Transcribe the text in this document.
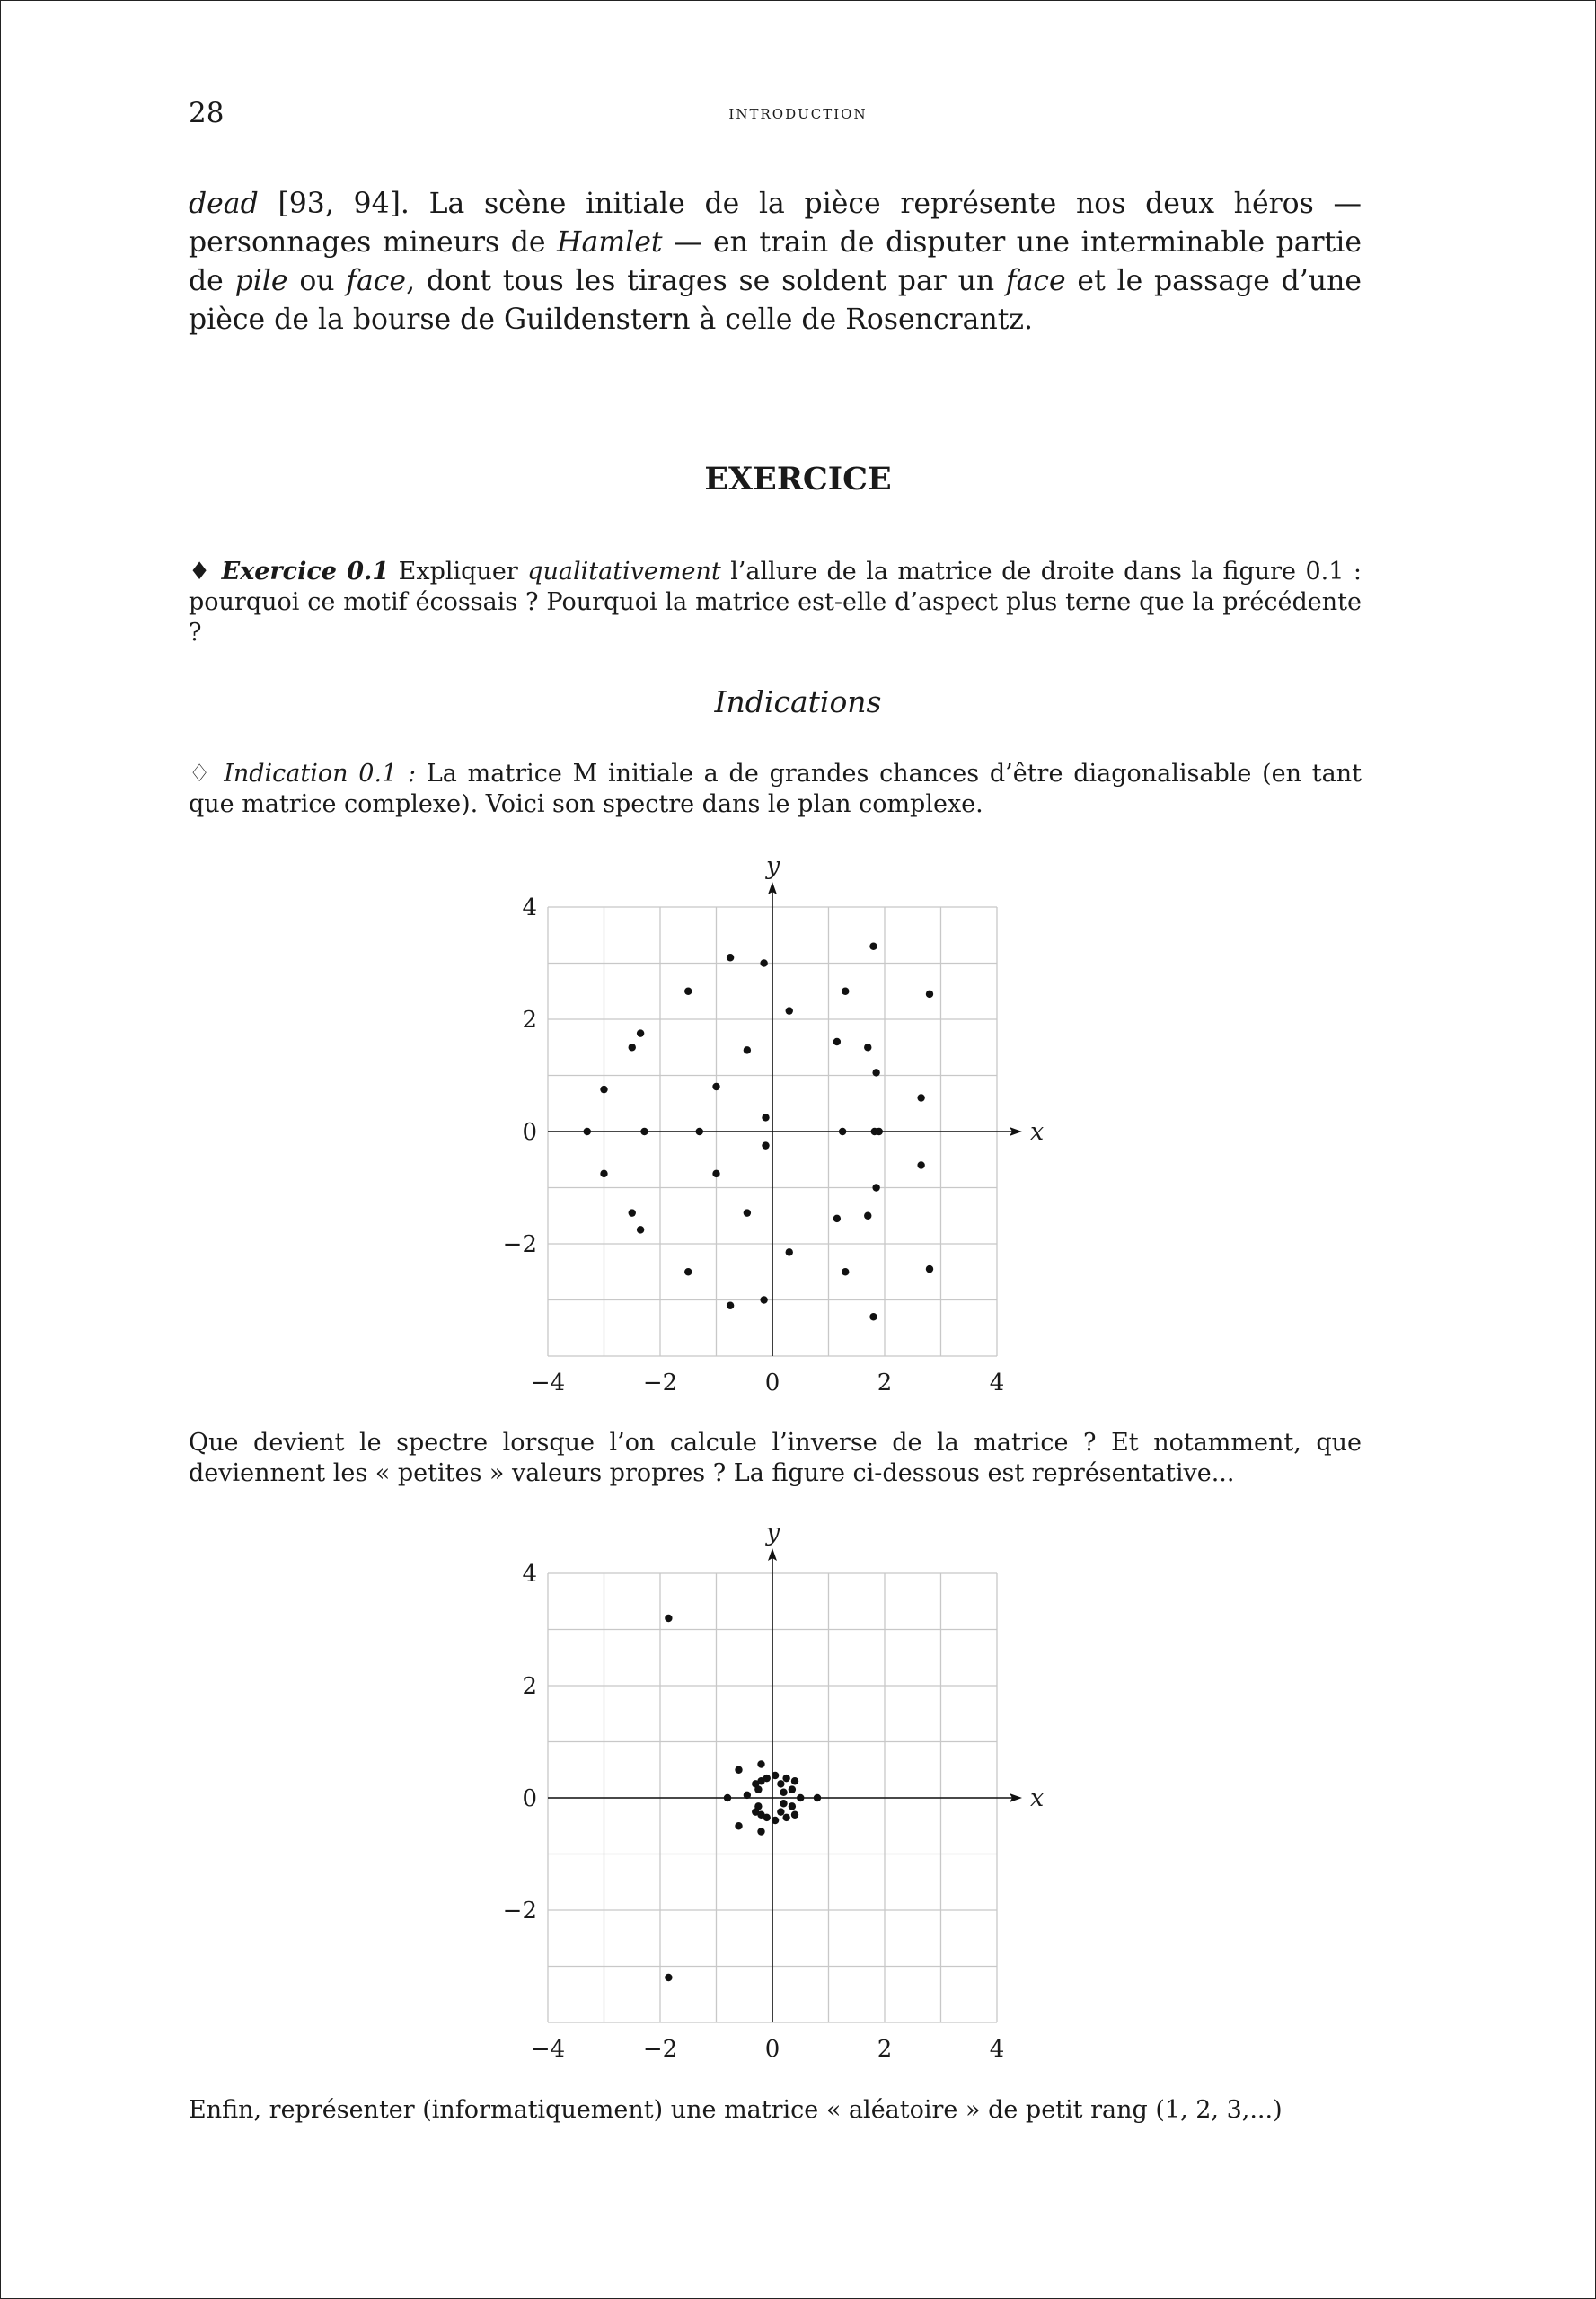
28	introduction

dead [93, 94]. La scène initiale de la pièce représente nos deux héros — personnages mineurs de Hamlet — en train de disputer une interminable partie de pile ou face, dont tous les tirages se soldent par un face et le passage d’une pièce de la bourse de Guildenstern à celle de Rosencrantz.

EXERCICE

♦ Exercice 0.1 Expliquer qualitativement l’allure de la matrice de droite dans la figure 0.1 : pourquoi ce motif écossais ? Pourquoi la matrice est-elle d’aspect plus terne que la précédente ?

Indications

♢ Indication 0.1 : La matrice M initiale a de grandes chances d’être diagonalisable (en tant que matrice complexe). Voici son spectre dans le plan complexe.

x
y
−4	−2	0	2	4
−2
0
2
4

Que devient le spectre lorsque l’on calcule l’inverse de la matrice ? Et notamment, que deviennent les « petites » valeurs propres ? La figure ci-dessous est représentative...

x
y
−4	−2	0	2	4
−2
0
2
4

Enfin, représenter (informatiquement) une matrice « aléatoire » de petit rang (1, 2, 3,...)
